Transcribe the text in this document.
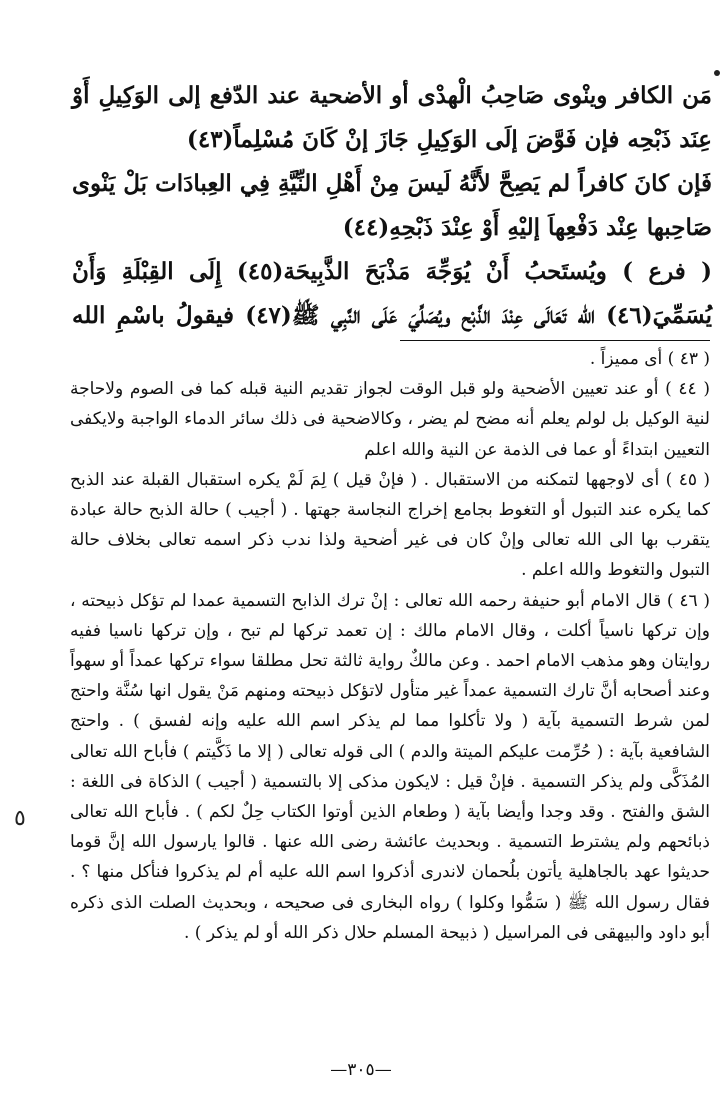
مَن الكافر وينْوى صَاحِبُ الْهدْى أو الأضحية عند الدّفع إلى الوَكِيلِ أَوْ

عِنَد ذَبْحِه فإن فَوَّضَ إلَى الوَكِيلِ جَازَ إنْ كَانَ مُسْلِماً(٤٣)

فَإن كانَ كافراً لم يَصِحَّ لأَنَّهُ لَيسَ مِنْ أَهْلِ النِّيَّةِ فِي العِبادَات بَلْ يَنْوى

صَاحِبها عِنْد دَفْعِهاَ إليْهِ أَوْ عِنْدَ ذَبْحِهِ(٤٤)

( فرع ) ويُستَحبُ أَنْ يُوَجِّهَ مَذْبَحَ الذَّبِيحَة(٤٥) إِلَى القِبْلَةِ وَأَنْ

يُسَمِّيَ(٤٦) الله تَعَالَى عِنْدَ الذَّبْح ويُصَلِّيَ عَلَى النَّبِي ﷺ(٤٧) فيقولُ باسْمِ الله

( ٤٣ ) أى مميزاً .

( ٤٤ ) أو عند تعيين الأضحية ولو قبل الوقت لجواز تقديم النية قبله كما فى الصوم ولاحاجة لنية الوكيل بل لولم يعلم أنه مضح لم يضر ، وكالاضحية فى ذلك سائر الدماء الواجبة ولايكفى التعيين ابتداءً أو عما فى الذمة عن النية والله اعلم

( ٤٥ ) أى لاوجهها لتمكنه من الاستقبال . ( فإنْ قيل ) لِمَ لَمْ يكره استقبال القبلة عند الذبح كما يكره عند التبول أو التغوط بجامع إخراج النجاسة جهتها . ( أجيب ) حالة الذبح حالة عبادة يتقرب بها الى الله تعالى وإنْ كان فى غير أضحية ولذا ندب ذكر اسمه تعالى بخلاف حالة التبول والتغوط والله اعلم .

( ٤٦ ) قال الامام أبو حنيفة رحمه الله تعالى : إنْ ترك الذابح التسمية عمدا لم تؤكل ذبيحته ، وإن تركها ناسياً أكلت ، وقال الامام مالك : إن تعمد تركها لم تبح ، وإن تركها ناسيا ففيه روايتان وهو مذهب الامام احمد . وعن مالكٌ رواية ثالثة تحل مطلقا سواء تركها عمداً أو سهواً وعند أصحابه أنَّ تارك التسمية عمداً غير متأول لاتؤكل ذبيحته ومنهم مَنْ يقول انها سُنَّة واحتج لمن شرط التسمية بآية ( ولا تأكلوا مما لم يذكر اسم الله عليه وإنه لفسق ) . واحتج الشافعية بآية : ( حُرِّمت عليكم الميتة والدم ) الى قوله تعالى ( إلا ما ذَكَّيتم ) فأباح الله تعالى المُذَكَّى ولم يذكر التسمية . فإنْ قيل : لايكون مذكى إلا بالتسمية ( أجيب ) الذكاة فى اللغة : الشق والفتح . وقد وجدا وأيضا بآية ( وطعام الذين أوتوا الكتاب حِلٌ لكم ) . فأباح الله تعالى ذبائحهم ولم يشترط التسمية . وبحديث عائشة رضى الله عنها . قالوا يارسول الله إنَّ قوما حديثوا عهد بالجاهلية يأتون بلُحمان لاندرى أذكروا اسم الله عليه أم لم يذكروا فنأكل منها ؟ . فقال رسول الله ﷺ ( سَمُّوا وكلوا ) رواه البخارى فى صحيحه ، وبحديث الصلت الذى ذكره أبو داود والبيهقى فى المراسيل ( ذبيحة المسلم حلال ذكر الله أو لم يذكر ) .

٥
—٣٠٥—
